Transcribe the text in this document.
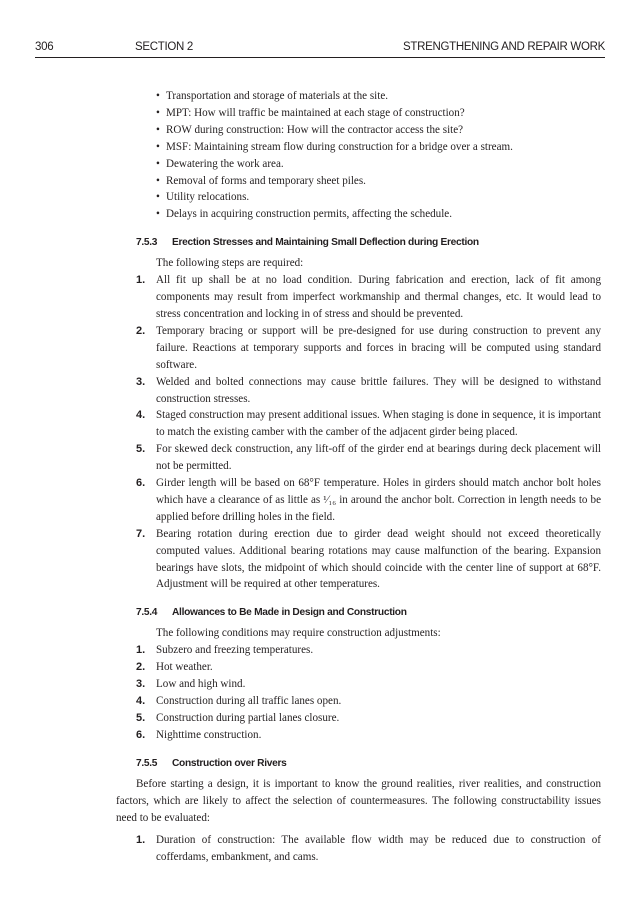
306	SECTION 2	STRENGTHENING AND REPAIR WORK
• Transportation and storage of materials at the site.
• MPT: How will traffic be maintained at each stage of construction?
• ROW during construction: How will the contractor access the site?
• MSF: Maintaining stream flow during construction for a bridge over a stream.
• Dewatering the work area.
• Removal of forms and temporary sheet piles.
• Utility relocations.
• Delays in acquiring construction permits, affecting the schedule.
7.5.3 Erection Stresses and Maintaining Small Deflection during Erection

The following steps are required:

1. All fit up shall be at no load condition. During fabrication and erection, lack of fit among components may result from imperfect workmanship and thermal changes, etc. It would lead to stress concentration and locking in of stress and should be prevented.
2. Temporary bracing or support will be pre-designed for use during construction to prevent any failure. Reactions at temporary supports and forces in bracing will be computed using standard software.
3. Welded and bolted connections may cause brittle failures. They will be designed to withstand construction stresses.
4. Staged construction may present additional issues. When staging is done in sequence, it is important to match the existing camber with the camber of the adjacent girder being placed.
5. For skewed deck construction, any lift-off of the girder end at bearings during deck placement will not be permitted.
6. Girder length will be based on 68°F temperature. Holes in girders should match anchor bolt holes which have a clearance of as little as ¹⁄₁₆ in around the anchor bolt. Correction in length needs to be applied before drilling holes in the field.
7. Bearing rotation during erection due to girder dead weight should not exceed theoretically computed values. Additional bearing rotations may cause malfunction of the bearing. Expansion bearings have slots, the midpoint of which should coincide with the center line of support at 68°F. Adjustment will be required at other temperatures.
7.5.4 Allowances to Be Made in Design and Construction

The following conditions may require construction adjustments:

1. Subzero and freezing temperatures.
2. Hot weather.
3. Low and high wind.
4. Construction during all traffic lanes open.
5. Construction during partial lanes closure.
6. Nighttime construction.
7.5.5 Construction over Rivers

Before starting a design, it is important to know the ground realities, river realities, and construction factors, which are likely to affect the selection of countermeasures. The following constructability issues need to be evaluated:

1. Duration of construction: The available flow width may be reduced due to construction of cofferdams, embankment, and cams.
